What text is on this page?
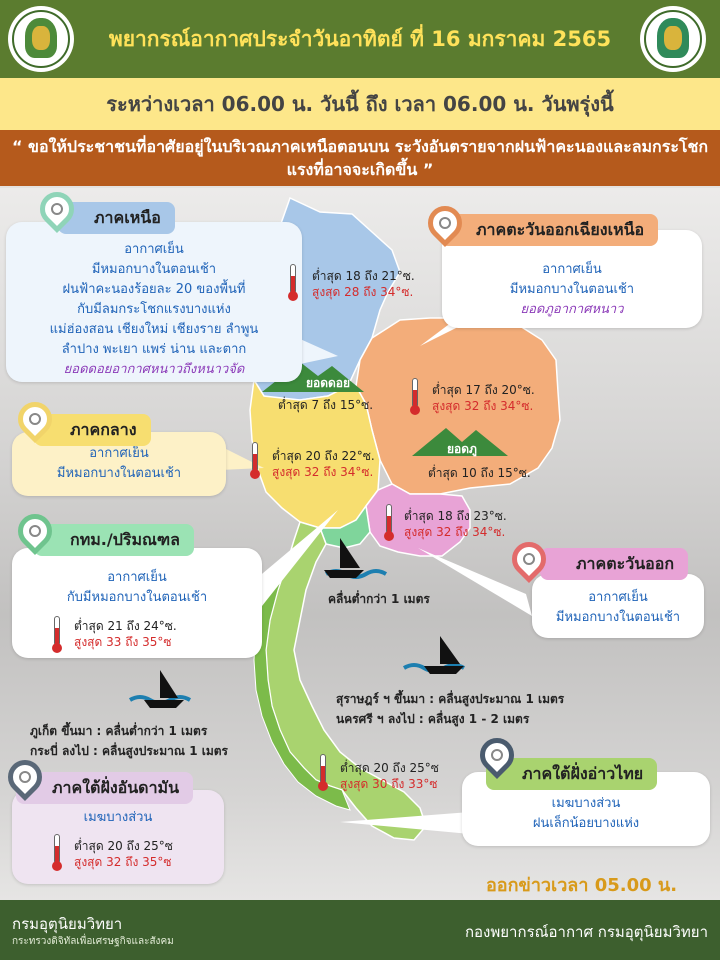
พยากรณ์อากาศประจำวันอาทิตย์ ที่ 16 มกราคม 2565
ระหว่างเวลา 06.00 น. วันนี้ ถึง เวลา 06.00 น. วันพรุ่งนี้
“ ขอให้ประชาชนที่อาศัยอยู่ในบริเวณภาคเหนือตอนบน ระวังอันตรายจากฝนฟ้าคะนองและลมกระโชกแรงที่อาจจะเกิดขึ้น ”
อากาศเย็น
มีหมอกบางในตอนเช้า
ฝนฟ้าคะนองร้อยละ 20 ของพื้นที่
กับมีลมกระโชกแรงบางแห่ง
แม่ฮ่องสอน เชียงใหม่ เชียงราย ลำพูน
ลำปาง พะเยา แพร่ น่าน และตาก
ยอดดอยอากาศหนาวถึงหนาวจัด
ภาคเหนือ
ต่ำสุด 18 ถึง 21°ซ.
สูงสุด 28 ถึง 34°ซ.
ยอดดอย
ต่ำสุด 7 ถึง 15°ซ.
อากาศเย็น
มีหมอกบางในตอนเช้า
ยอดภูอากาศหนาว
ภาคตะวันออกเฉียงเหนือ
ต่ำสุด 17 ถึง 20°ซ.
สูงสุด 32 ถึง 34°ซ.
ยอดภู
ต่ำสุด 10 ถึง 15°ซ.
อากาศเย็น
มีหมอกบางในตอนเช้า
ภาคกลาง
ต่ำสุด 20 ถึง 22°ซ.
สูงสุด 32 ถึง 34°ซ.
อากาศเย็น
กับมีหมอกบางในตอนเช้า
กทม./ปริมณฑล
ต่ำสุด 21 ถึง 24°ซ.
สูงสุด 33 ถึง 35°ซ
ต่ำสุด 18 ถึง 23°ซ.
สูงสุด 32 ถึง 34°ซ.
อากาศเย็น
มีหมอกบางในตอนเช้า
ภาคตะวันออก
คลื่นต่ำกว่า 1 เมตร
สุราษฎร์ ฯ ขึ้นมา : คลื่นสูงประมาณ 1 เมตร
นครศรี ฯ ลงไป : คลื่นสูง 1 - 2 เมตร
ภูเก็ต ขึ้นมา : คลื่นต่ำกว่า 1 เมตร
กระบี่ ลงไป : คลื่นสูงประมาณ 1 เมตร
ต่ำสุด 20 ถึง 25°ซ
สูงสุด 30 ถึง 33°ซ
เมฆบางส่วน
ฝนเล็กน้อยบางแห่ง
ภาคใต้ฝั่งอ่าวไทย
เมฆบางส่วน
ภาคใต้ฝั่งอันดามัน
ต่ำสุด 20 ถึง 25°ซ
สูงสุด 32 ถึง 35°ซ
ออกข่าวเวลา 05.00 น.
กรมอุตุนิยมวิทยา
กระทรวงดิจิทัลเพื่อเศรษฐกิจและสังคม
กองพยากรณ์อากาศ กรมอุตุนิยมวิทยา
